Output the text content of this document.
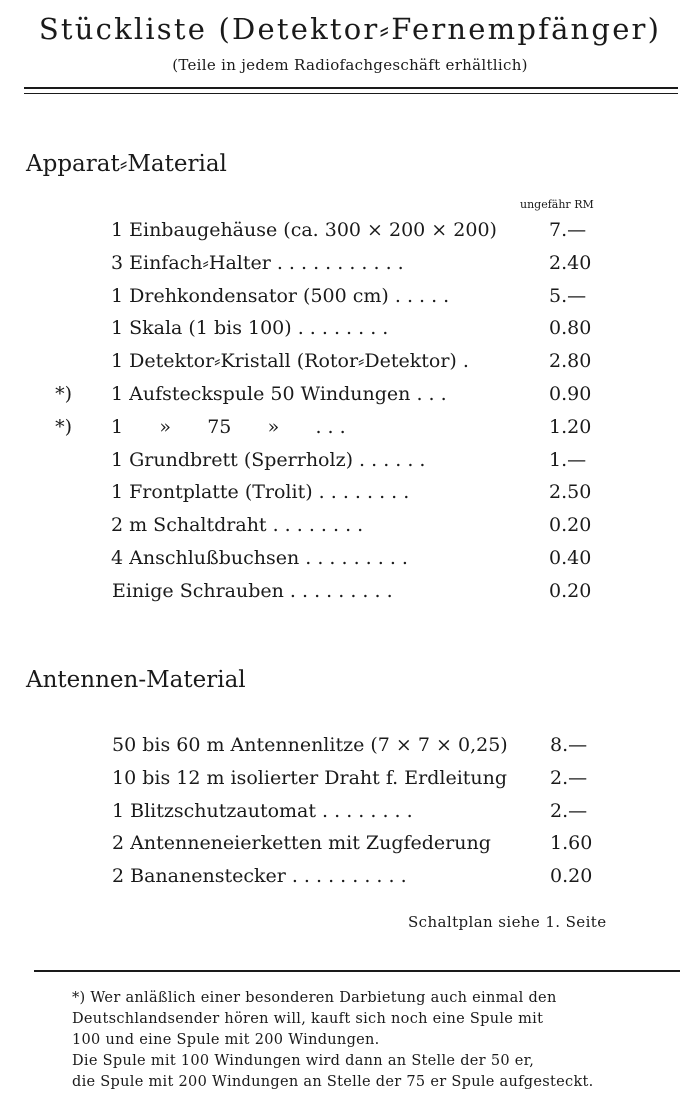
Stückliste (Detektor⸗Fernempfänger)
(Teile in jedem Radiofachgeschäft erhältlich)
Apparat⸗Material
ungefähr RM
1 Einbaugehäuse (ca. 300 × 200 × 200)	7.—
3 Einfach⸗Halter . . . . . . . . . . .	2.40
1 Drehkondensator (500 cm) . . . . .	5.—
1 Skala (1 bis 100) . . . . . . . .	0.80
1 Detektor⸗Kristall (Rotor⸗Detektor) .	2.80
*) 1 Aufsteckspule 50 Windungen . . .	0.90
*) 1      »      75      »      . . .	1.20
1 Grundbrett (Sperrholz) . . . . . .	1.—
1 Frontplatte (Trolit) . . . . . . . .	2.50
2 m Schaltdraht . . . . . . . .	0.20
4 Anschlußbuchsen . . . . . . . . .	0.40
Einige Schrauben . . . . . . . . .	0.20
Antennen-Material
50 bis 60 m Antennenlitze (7 × 7 × 0,25) 8.—
10 bis 12 m isolierter Draht f. Erdleitung 2.—
1 Blitzschutzautomat . . . . . . . .	2.—
2 Antenneneierketten mit Zugfederung	1.60
2 Bananenstecker . . . . . . . . . .	0.20
Schaltplan siehe 1. Seite

*) Wer anläßlich einer besonderen Darbietung auch einmal den

Deutschlandsender hören will, kauft sich noch eine Spule mit

100 und eine Spule mit 200 Windungen.

Die Spule mit 100 Windungen wird dann an Stelle der 50 er,

die Spule mit 200 Windungen an Stelle der 75 er Spule aufgesteckt.
